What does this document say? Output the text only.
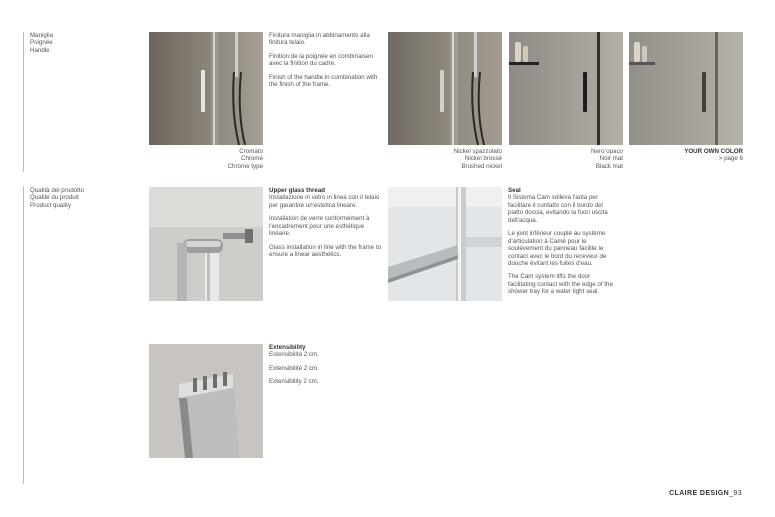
Maniglia
Poignée
Handle

Finitura maniglia in abbinamento alla finitura telaio.

Finition de la poignée en combinaisen avec la finition du cadre.

Finish of the handle in combination with the finish of the frame.

Cromato
Chromé
Chrome type
Nickel spazzolato
Nickel brossé
Brushed nickel
Nero opaco
Noir mat
Black mat
YOUR OWN COLOR
> page 6
Qualità del prodotto
Qualité du produit
Product quality
Upper glass thread

Installazione in vetro in linea con il telaio per garantire un'estetica lineare.

Installation de verre conformément à l'encadrement pour une esthétique linéaire.

Glass installation in line with the frame to ensure a linear aesthetics.

Seal

Il Sistema Cam solleva l'anta per facilitare il contatto con il bordo del piatto doccia, evitando la fuori uscita dell'acqua.

Le joint inférieur couplé au système d'articulation à Camé pour le soulèvement du panneau facilite le contact avec le bord du receveur de douche évitant les fuites d'eau.

The Cam system lifts the door facilitating contact with the edge of the shower tray for a water tight seal.

Extensibility

Estensibilità 2 cm.

Extensibilité 2 cm.

Extensibility 2 cm.

CLAIRE DESIGN_93
